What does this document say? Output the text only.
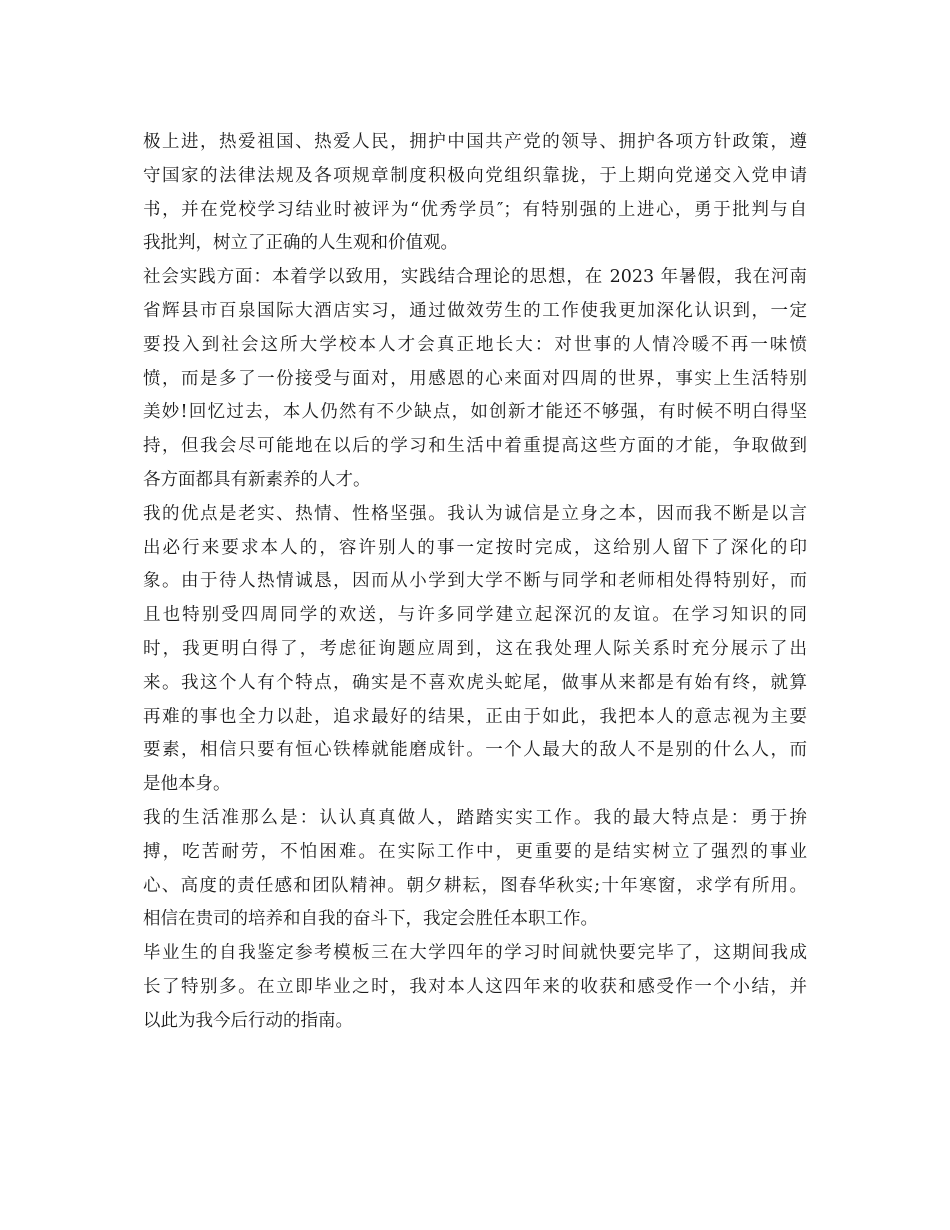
极上进，热爱祖国、热爱人民，拥护中国共产党的领导、拥护各项方针政策，遵
守国家的法律法规及各项规章制度积极向党组织靠拢，于上期向党递交入党申请
书，并在党校学习结业时被评为“优秀学员″；有特别强的上进心，勇于批判与自
我批判，树立了正确的人生观和价值观。
社会实践方面：本着学以致用，实践结合理论的思想，在 2023 年暑假，我在河南
省辉县市百泉国际大酒店实习，通过做效劳生的工作使我更加深化认识到，一定
要投入到社会这所大学校本人才会真正地长大：对世事的人情冷暖不再一味愤
愤，而是多了一份接受与面对，用感恩的心来面对四周的世界，事实上生活特别
美妙!回忆过去，本人仍然有不少缺点，如创新才能还不够强，有时候不明白得坚
持，但我会尽可能地在以后的学习和生活中着重提高这些方面的才能，争取做到
各方面都具有新素养的人才。
我的优点是老实、热情、性格坚强。我认为诚信是立身之本，因而我不断是以言
出必行来要求本人的，容许别人的事一定按时完成，这给别人留下了深化的印
象。由于待人热情诚恳，因而从小学到大学不断与同学和老师相处得特别好，而
且也特别受四周同学的欢送，与许多同学建立起深沉的友谊。在学习知识的同
时，我更明白得了，考虑征询题应周到，这在我处理人际关系时充分展示了出
来。我这个人有个特点，确实是不喜欢虎头蛇尾，做事从来都是有始有终，就算
再难的事也全力以赴，追求最好的结果，正由于如此，我把本人的意志视为主要
要素，相信只要有恒心铁棒就能磨成针。一个人最大的敌人不是别的什么人，而
是他本身。
我的生活准那么是：认认真真做人，踏踏实实工作。我的最大特点是：勇于拚
搏，吃苦耐劳，不怕困难。在实际工作中，更重要的是结实树立了强烈的事业
心、高度的责任感和团队精神。朝夕耕耘，图春华秋实;十年寒窗，求学有所用。
相信在贵司的培养和自我的奋斗下，我定会胜任本职工作。
毕业生的自我鉴定参考模板三在大学四年的学习时间就快要完毕了，这期间我成
长了特别多。在立即毕业之时，我对本人这四年来的收获和感受作一个小结，并
以此为我今后行动的指南。
